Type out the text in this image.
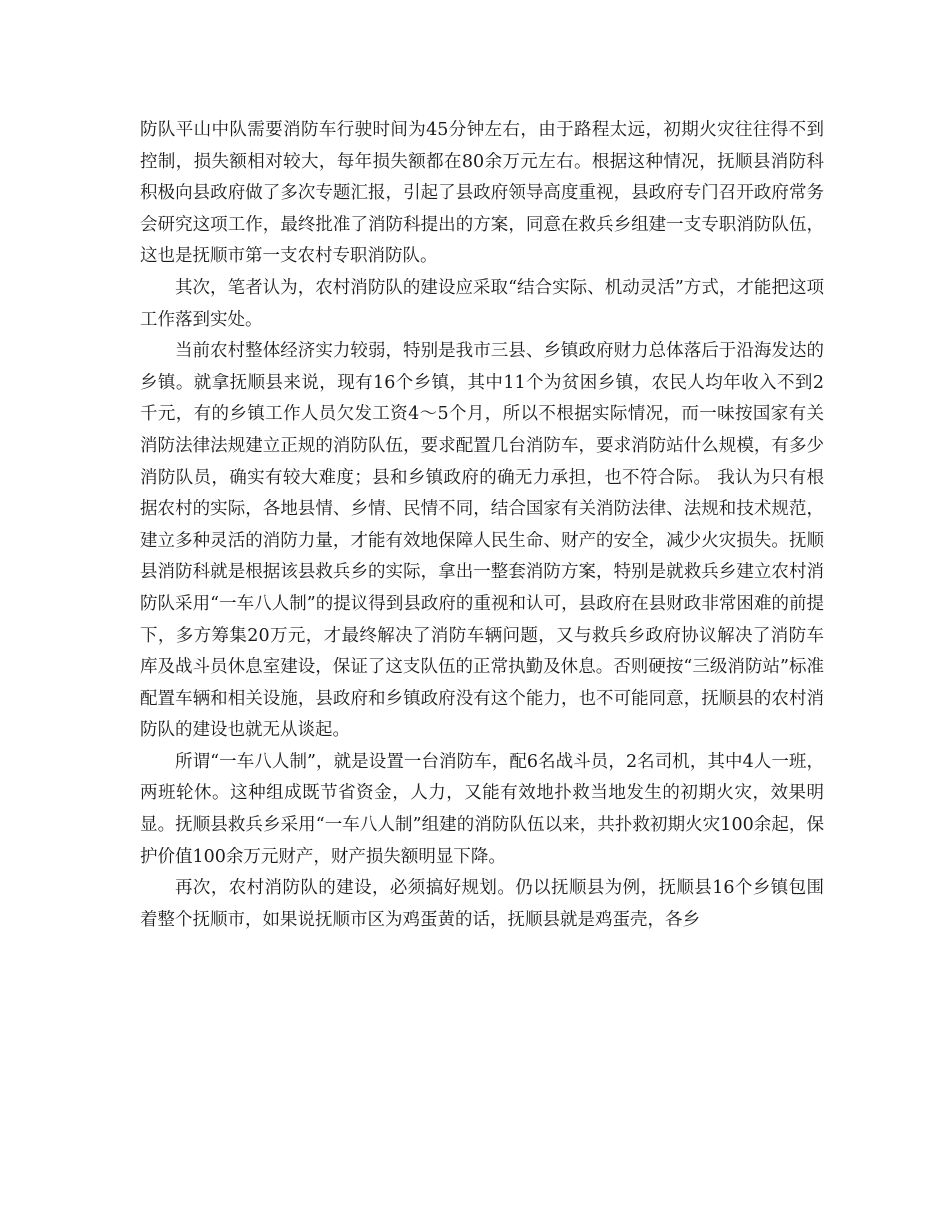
防队平山中队需要消防车行驶时间为45分钟左右，由于路程太远，初期火灾往往得不到控制，损失额相对较大，每年损失额都在80余万元左右。根据这种情况，抚顺县消防科积极向县政府做了多次专题汇报，引起了县政府领导高度重视，县政府专门召开政府常务会研究这项工作，最终批准了消防科提出的方案，同意在救兵乡组建一支专职消防队伍，这也是抚顺市第一支农村专职消防队。

其次，笔者认为，农村消防队的建设应采取“结合实际、机动灵活”方式，才能把这项工作落到实处。

当前农村整体经济实力较弱，特别是我市三县、乡镇政府财力总体落后于沿海发达的乡镇。就拿抚顺县来说，现有16个乡镇，其中11个为贫困乡镇，农民人均年收入不到2千元，有的乡镇工作人员欠发工资4～5个月，所以不根据实际情况，而一味按国家有关消防法律法规建立正规的消防队伍，要求配置几台消防车，要求消防站什么规模，有多少消防队员，确实有较大难度；县和乡镇政府的确无力承担，也不符合际。 我认为只有根据农村的实际，各地县情、乡情、民情不同，结合国家有关消防法律、法规和技术规范，建立多种灵活的消防力量，才能有效地保障人民生命、财产的安全，减少火灾损失。抚顺县消防科就是根据该县救兵乡的实际，拿出一整套消防方案，特别是就救兵乡建立农村消防队采用“一车八人制”的提议得到县政府的重视和认可，县政府在县财政非常困难的前提下，多方筹集20万元，才最终解决了消防车辆问题，又与救兵乡政府协议解决了消防车库及战斗员休息室建设，保证了这支队伍的正常执勤及休息。否则硬按“三级消防站”标准配置车辆和相关设施，县政府和乡镇政府没有这个能力，也不可能同意，抚顺县的农村消防队的建设也就无从谈起。

所谓“一车八人制”，就是设置一台消防车，配6名战斗员，2名司机，其中4人一班，两班轮休。这种组成既节省资金，人力，又能有效地扑救当地发生的初期火灾，效果明显。抚顺县救兵乡采用“一车八人制”组建的消防队伍以来，共扑救初期火灾100余起，保护价值100余万元财产，财产损失额明显下降。

再次，农村消防队的建设，必须搞好规划。仍以抚顺县为例，抚顺县16个乡镇包围着整个抚顺市，如果说抚顺市区为鸡蛋黄的话，抚顺县就是鸡蛋壳，各乡
